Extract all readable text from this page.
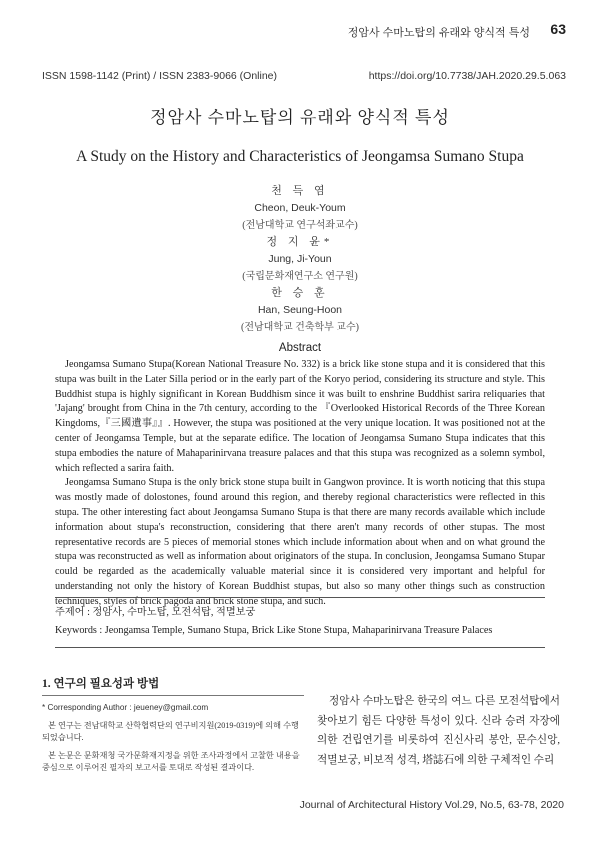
정암사 수마노탑의 유래와 양식적 특성 63
ISSN 1598-1142 (Print) / ISSN 2383-9066 (Online)	https://doi.org/10.7738/JAH.2020.29.5.063
정암사 수마노탑의 유래와 양식적 특성
A Study on the History and Characteristics of Jeongamsa Sumano Stupa
천 득 염
Cheon, Deuk-Youm
(전남대학교 연구석좌교수)
정 지 윤*
Jung, Ji-Youn
(국립문화재연구소 연구원)
한 승 훈
Han, Seung-Hoon
(전남대학교 건축학부 교수)
Abstract

Jeongamsa Sumano Stupa(Korean National Treasure No. 332) is a brick like stone stupa and it is considered that this stupa was built in the Later Silla period or in the early part of the Koryo period, considering its structure and style. This Buddhist stupa is highly significant in Korean Buddhism since it was built to enshrine Buddhist sarira reliquaries that 'Jajang' brought from China in the 7th century, according to the 『Overlooked Historical Records of the Three Korean Kingdoms,『三國遺事』』. However, the stupa was positioned at the very unique location. It was positioned not at the center of Jeongamsa Temple, but at the separate edifice. The location of Jeongamsa Sumano Stupa indicates that this stupa embodies the nature of Mahaparinirvana treasure palaces and that this stupa was recognized as a solemn symbol, which reflected a sarira faith.

Jeongamsa Sumano Stupa is the only brick stone stupa built in Gangwon province. It is worth noticing that this stupa was mostly made of dolostones, found around this region, and thereby regional characteristics were reflected in this stupa. The other interesting fact about Jeongamsa Sumano Stupa is that there are many records available which include information about stupa's reconstruction, considering that there aren't many records of other stupas. The most representative records are 5 pieces of memorial stones which include information about when and on what ground the stupa was reconstructed as well as information about originators of the stupa. In conclusion, Jeongamsa Sumano Stupar could be regarded as the academically valuable material since it is considered very important and helpful for understanding not only the history of Korean Buddhist stupas, but also so many other things such as construction techniques, styles of brick pagoda and brick stone stupa, and such.

주제어 : 정암사, 수마노탑, 모전석탑, 적멸보궁
Keywords : Jeongamsa Temple, Sumano Stupa, Brick Like Stone Stupa, Mahaparinirvana Treasure Palaces
1. 연구의 필요성과 방법

* Corresponding Author : jeueney@gmail.com

본 연구는 전남대학교 산학협력단의 연구비지원(2019-0319)에 의해 수행되었습니다.

본 논문은 문화재청 국가문화재지정을 위한 조사과정에서 고찰한 내용을 중심으로 이루어진 필자의 보고서를 토대로 작성된 결과이다.

정암사 수마노탑은 한국의 여느 다른 모전석탑에서 찾아보기 힘든 다양한 특성이 있다. 신라 승려 자장에 의한 건립연기를 비롯하여 진신사리 봉안, 문수신앙, 적멸보궁, 비보적 성격, 塔誌石에 의한 구체적인 수리

Journal of Architectural History Vol.29, No.5, 63-78, 2020
